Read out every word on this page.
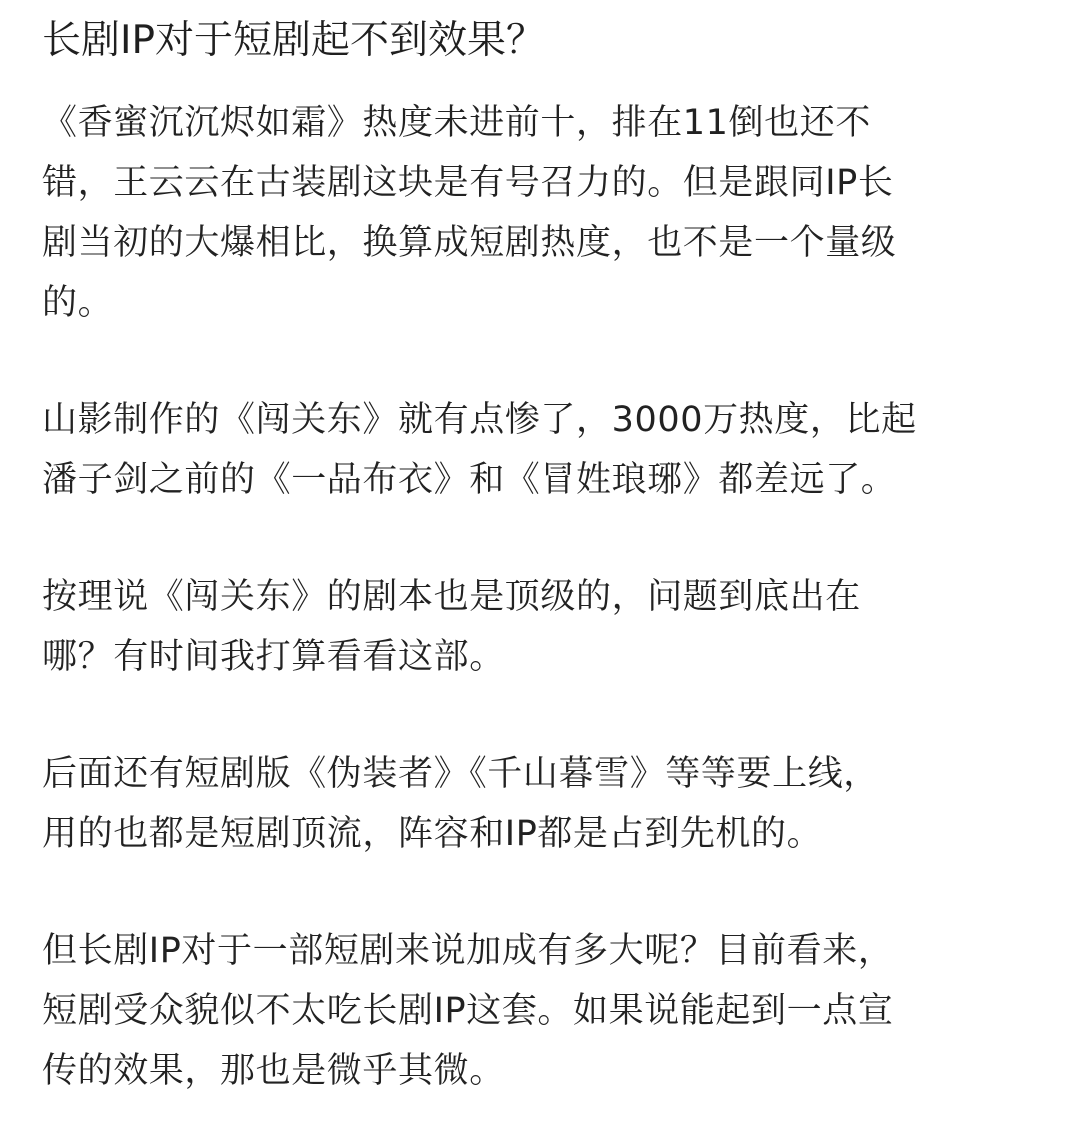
长剧IP对于短剧起不到效果？

《香蜜沉沉烬如霜》热度未进前十，排在11倒也还不
错，王云云在古装剧这块是有号召力的。但是跟同IP长
剧当初的大爆相比，换算成短剧热度，也不是一个量级
的。

山影制作的《闯关东》就有点惨了，3000万热度，比起
潘子剑之前的《一品布衣》和《冒姓琅琊》都差远了。

按理说《闯关东》的剧本也是顶级的，问题到底出在
哪？有时间我打算看看这部。

后面还有短剧版《伪装者》《千山暮雪》等等要上线，
用的也都是短剧顶流，阵容和IP都是占到先机的。

但长剧IP对于一部短剧来说加成有多大呢？目前看来，
短剧受众貌似不太吃长剧IP这套。如果说能起到一点宣
传的效果，那也是微乎其微。
